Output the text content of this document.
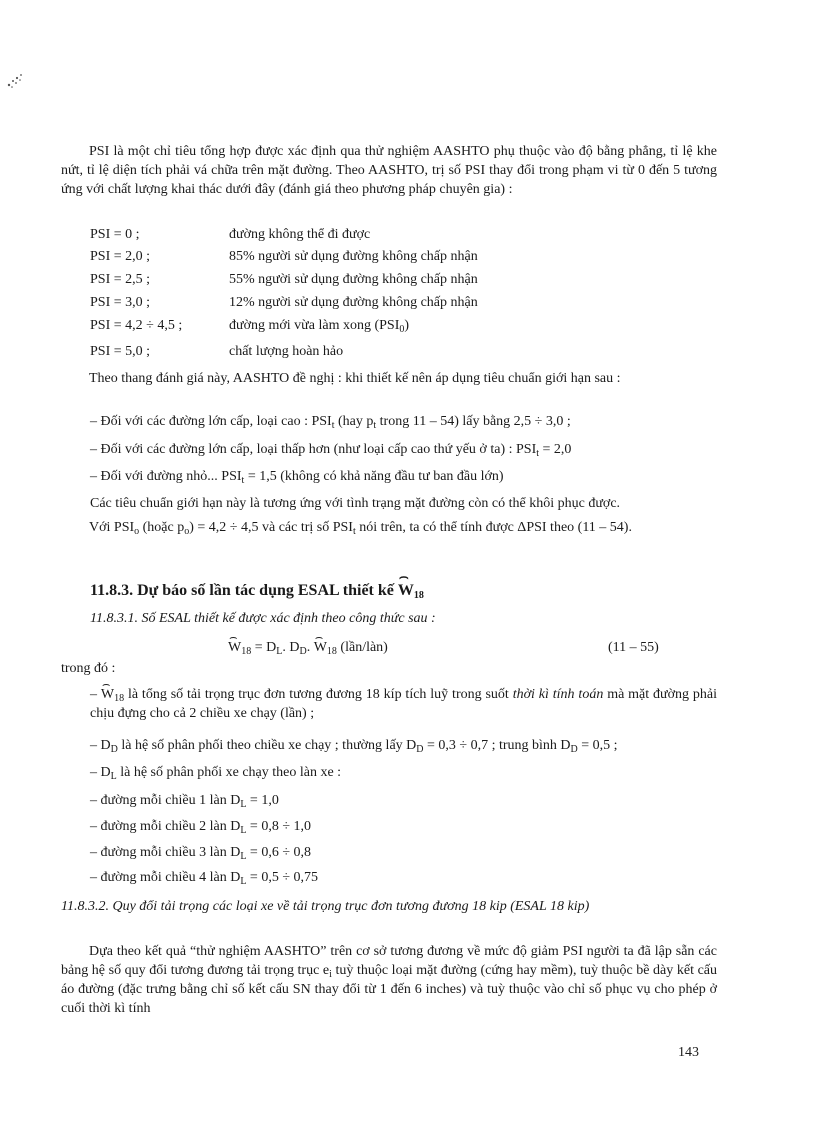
PSI là một chỉ tiêu tổng hợp được xác định qua thử nghiệm AASHTO phụ thuộc vào độ bằng phẳng, tỉ lệ khe nứt, tỉ lệ diện tích phải vá chữa trên mặt đường. Theo AASHTO, trị số PSI thay đổi trong phạm vi từ 0 đến 5 tương ứng với chất lượng khai thác dưới đây (đánh giá theo phương pháp chuyên gia) :

PSI = 0 ;	đường không thể đi được
PSI = 2,0 ;	85% người sử dụng đường không chấp nhận
PSI = 2,5 ;	55% người sử dụng đường không chấp nhận
PSI = 3,0 ;	12% người sử dụng đường không chấp nhận
PSI = 4,2 ÷ 4,5 ;	đường mới vừa làm xong $(PSI_0)$
PSI = 5,0 ;	chất lượng hoàn hảo

Theo thang đánh giá này, AASHTO đề nghị : khi thiết kế nên áp dụng tiêu chuẩn giới hạn sau :

– Đối với các đường lớn cấp, loại cao : $PSI_t$ (hay $p_t$ trong 11 – 54) lấy bằng 2,5 ÷ 3,0 ;
– Đối với các đường lớn cấp, loại thấp hơn (như loại cấp cao thứ yếu ở ta) : $PSI_t = 2,0$
– Đối với đường nhỏ... $PSI_t = 1,5$ (không có khả năng đầu tư ban đầu lớn)
Các tiêu chuẩn giới hạn này là tương ứng với tình trạng mặt đường còn có thể khôi phục được.

Với $PSI_o$ (hoặc $p_o) = 4,2 \div 4,5$ và các trị số $PSI_t$ nói trên, ta có thể tính được ΔPSI theo (11 – 54).

11.8.3. Dự báo số lần tác dụng ESAL thiết kế ⌢ $W_{18}$
11.8.3.1. Số ESAL thiết kế được xác định theo công thức sau :
⌢ $W_{18} = D_L$. $D_D$. ⌢ $W_{18}$ (lần/làn)	(11 – 55)
trong đó :

– ⌢ $W_{18}$ là tổng số tải trọng trục đơn tương đương 18 kíp tích luỹ trong suốt thời kì tính toán mà mặt đường phải chịu đựng cho cả 2 chiều xe chạy (lần) ;

– $D_D$ là hệ số phân phối theo chiều xe chạy ; thường lấy $D_D = 0,3 \div 0,7$ ; trung bình $D_D = 0,5$ ;
– $D_L$ là hệ số phân phối xe chạy theo làn xe :
– đường mỗi chiều 1 làn $D_L = 1,0$
– đường mỗi chiều 2 làn $D_L = 0,8 \div 1,0$
– đường mỗi chiều 3 làn $D_L = 0,6 \div 0,8$
– đường mỗi chiều 4 làn $D_L = 0,5 \div 0,75$

11.8.3.2. Quy đổi tải trọng các loại xe về tải trọng trục đơn tương đương 18 kip (ESAL 18 kip)

Dựa theo kết quả “thử nghiệm AASHTO” trên cơ sở tương đương về mức độ giảm PSI người ta đã lập sẵn các bảng hệ số quy đổi tương đương tải trọng trục $e_i$ tuỳ thuộc loại mặt đường (cứng hay mềm), tuỳ thuộc bề dày kết cấu áo đường (đặc trưng bằng chỉ số kết cấu SN thay đổi từ 1 đến 6 inches) và tuỳ thuộc vào chỉ số phục vụ cho phép ở cuối thời kì tính

143
